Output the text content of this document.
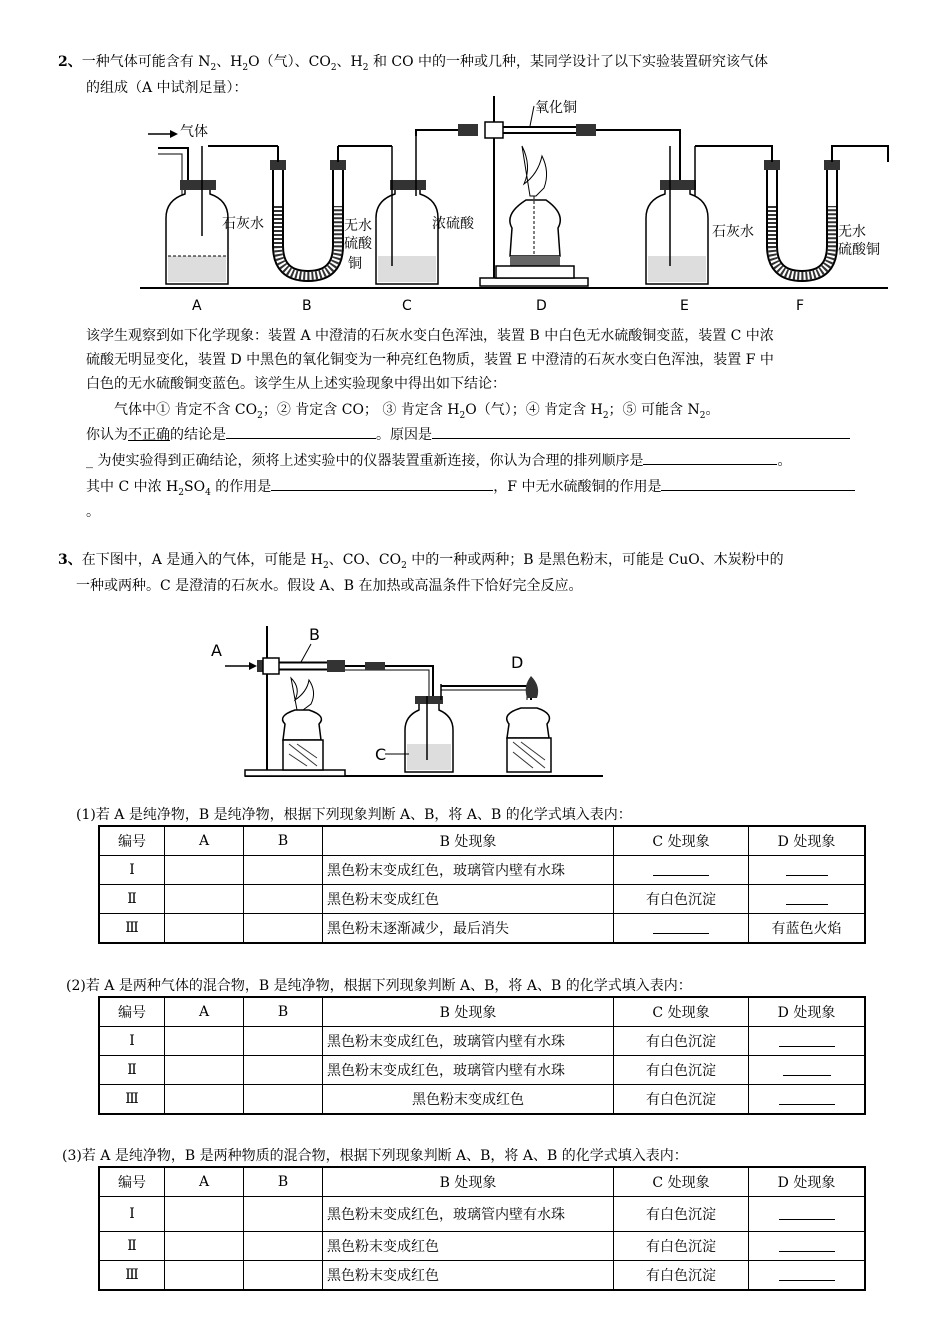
2、一种气体可能含有 $N_2$、$H_2O$（气）、$CO_2$、$H_2$ 和 CO 中的一种或几种，某同学设计了以下实验装置研究该气体
的组成（A 中试剂足量）：
气体
石灰水	浓硫酸
无水
硫酸
铜
氧化铜
石灰水	无水
硫酸铜
A	B	C	D	E	F
该学生观察到如下化学现象：装置 A 中澄清的石灰水变白色浑浊，装置 B 中白色无水硫酸铜变蓝，装置 C 中浓
硫酸无明显变化，装置 D 中黑色的氧化铜变为一种亮红色物质，装置 E 中澄清的石灰水变白色浑浊，装置 F 中
白色的无水硫酸铜变蓝色。该学生从上述实验现象中得出如下结论：
气体中① 肯定不含 $CO_2$；② 肯定含 CO； ③ 肯定含 $H_2O$（气）；④ 肯定含 $H_2$；⑤ 可能含 $N_2$。
你认为不正确的结论是	。原因是
_ 为使实验得到正确结论，须将上述实验中的仪器装置重新连接，你认为合理的排列顺序是	。
其中 C 中浓 $H_2SO_4$ 的作用是	，F 中无水硫酸铜的作用是
。
3、在下图中，A 是通入的气体，可能是 $H_2$、CO、$CO_2$ 中的一种或两种；B 是黑色粉末，可能是 CuO、木炭粉中的
一种或两种。C 是澄清的石灰水。假设 A、B 在加热或高温条件下恰好完全反应。
A
B
C
D
(1)若 A 是纯净物，B 是纯净物，根据下列现象判断 A、B，将 A、B 的化学式填入表内：
编号	A	B	B 处现象	C 处现象	D 处现象
Ⅰ			黑色粉末变成红色，玻璃管内壁有水珠		
Ⅱ			黑色粉末变成红色	有白色沉淀	
Ⅲ			黑色粉末逐渐减少，最后消失		有蓝色火焰
(2)若 A 是两种气体的混合物，B 是纯净物，根据下列现象判断 A、B，将 A、B 的化学式填入表内：
编号	A	B	B 处现象	C 处现象	D 处现象
Ⅰ			黑色粉末变成红色，玻璃管内壁有水珠	有白色沉淀	
Ⅱ			黑色粉末变成红色，玻璃管内壁有水珠	有白色沉淀	
Ⅲ			黑色粉末变成红色	有白色沉淀	
(3)若 A 是纯净物，B 是两种物质的混合物，根据下列现象判断 A、B，将 A、B 的化学式填入表内：
编号	A	B	B 处现象	C 处现象	D 处现象
Ⅰ			黑色粉末变成红色，玻璃管内壁有水珠	有白色沉淀	
Ⅱ			黑色粉末变成红色	有白色沉淀	
Ⅲ			黑色粉末变成红色	有白色沉淀	
